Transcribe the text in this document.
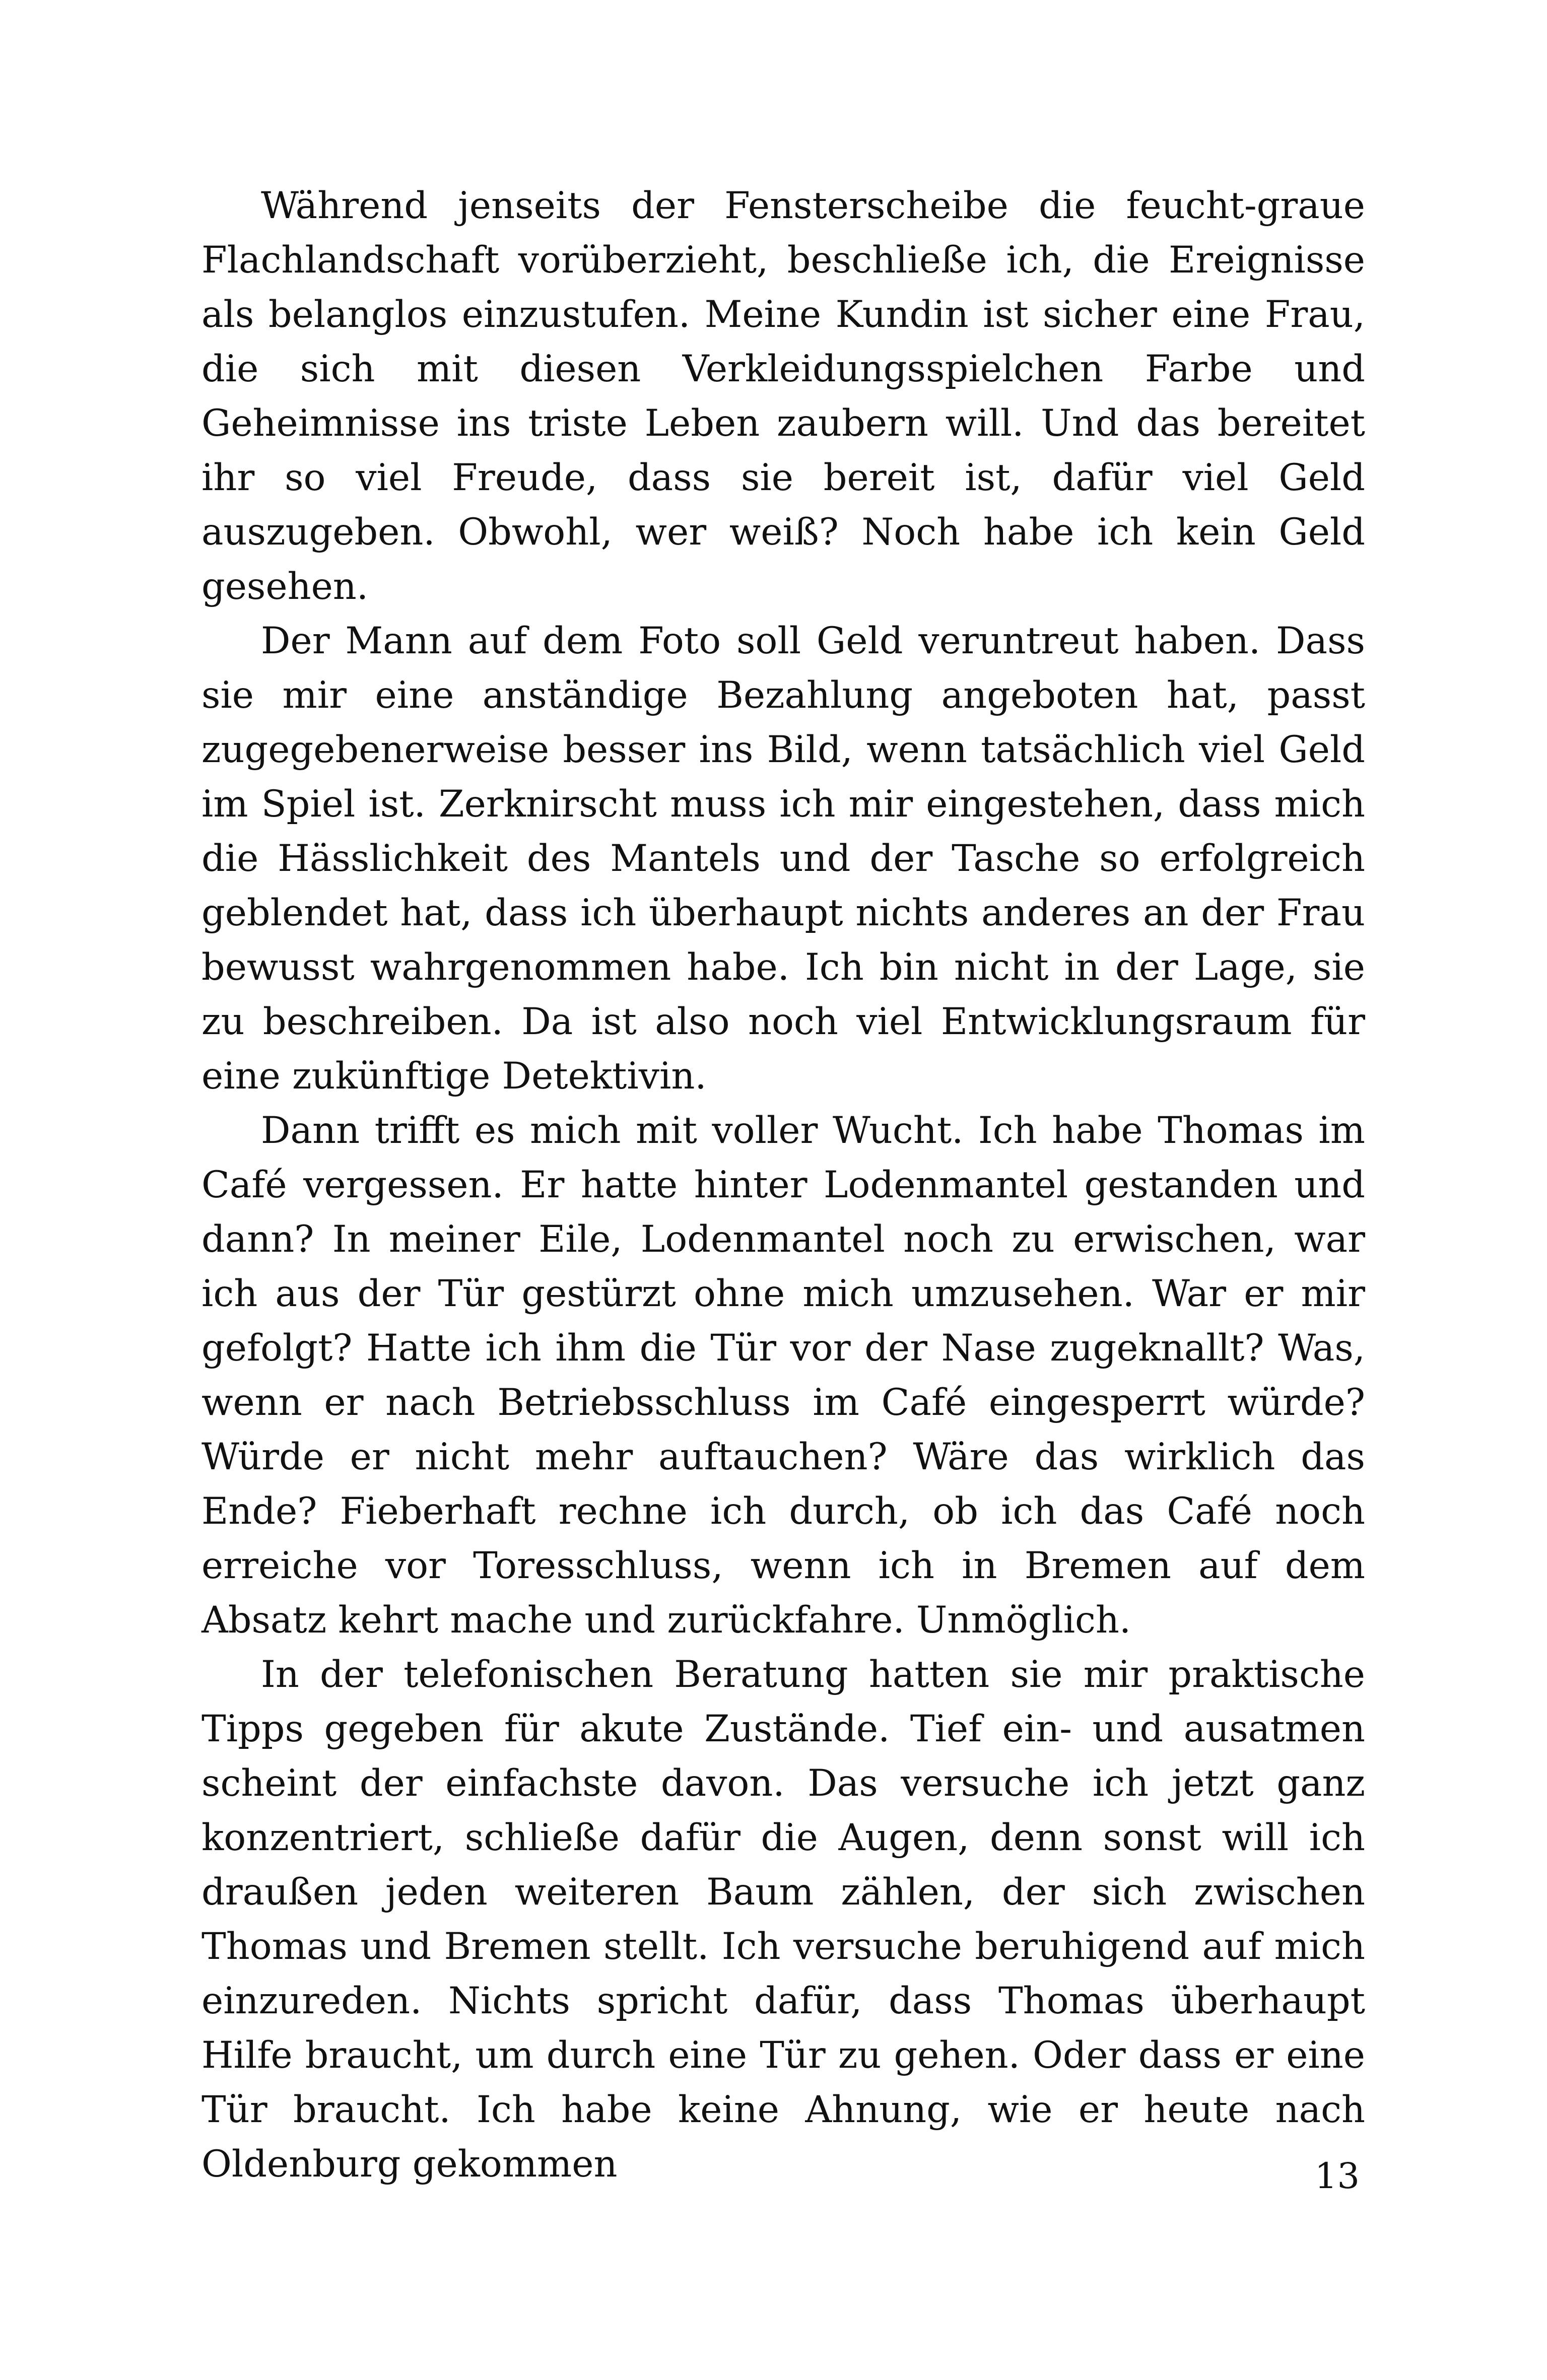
Während jenseits der Fensterscheibe die feucht-graue Flachlandschaft vorüberzieht, beschließe ich, die Ereignisse als belanglos einzustufen. Meine Kundin ist sicher eine Frau, die sich mit diesen Verkleidungsspielchen Farbe und Geheimnisse ins triste Leben zaubern will. Und das bereitet ihr so viel Freude, dass sie bereit ist, dafür viel Geld auszugeben. Obwohl, wer weiß? Noch habe ich kein Geld gesehen.

Der Mann auf dem Foto soll Geld veruntreut haben. Dass sie mir eine anständige Bezahlung angeboten hat, passt zugegebenerweise besser ins Bild, wenn tatsächlich viel Geld im Spiel ist. Zerknirscht muss ich mir eingestehen, dass mich die Hässlichkeit des Mantels und der Tasche so erfolgreich geblendet hat, dass ich überhaupt nichts anderes an der Frau bewusst wahrgenommen habe. Ich bin nicht in der Lage, sie zu beschreiben. Da ist also noch viel Entwicklungsraum für eine zukünftige Detektivin.

Dann trifft es mich mit voller Wucht. Ich habe Thomas im Café vergessen. Er hatte hinter Lodenmantel gestanden und dann? In meiner Eile, Lodenmantel noch zu erwischen, war ich aus der Tür gestürzt ohne mich umzusehen. War er mir gefolgt? Hatte ich ihm die Tür vor der Nase zugeknallt? Was, wenn er nach Betriebsschluss im Café eingesperrt würde? Würde er nicht mehr auftauchen? Wäre das wirklich das Ende? Fieberhaft rechne ich durch, ob ich das Café noch erreiche vor Toresschluss, wenn ich in Bremen auf dem Absatz kehrt mache und zurückfahre. Unmöglich.

In der telefonischen Beratung hatten sie mir praktische Tipps gegeben für akute Zustände. Tief ein- und ausatmen scheint der einfachste davon. Das versuche ich jetzt ganz konzentriert, schließe dafür die Augen, denn sonst will ich draußen jeden weiteren Baum zählen, der sich zwischen Thomas und Bremen stellt. Ich versuche beruhigend auf mich einzureden. Nichts spricht dafür, dass Thomas überhaupt Hilfe braucht, um durch eine Tür zu gehen. Oder dass er eine Tür braucht. Ich habe keine Ahnung, wie er heute nach Oldenburg gekommen	13
